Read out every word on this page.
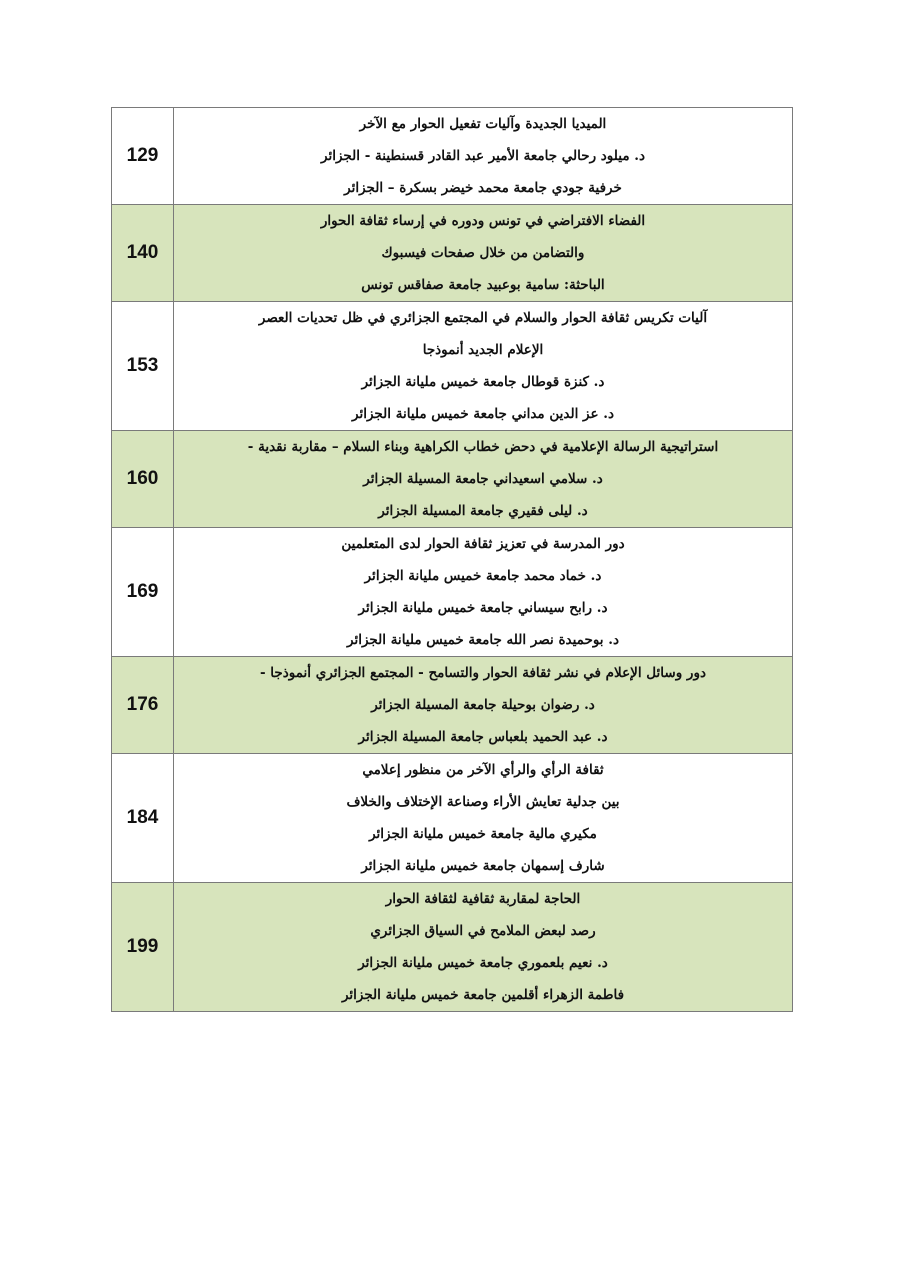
129	الميديا الجديدة وآليات تفعيل الحوار مع الآخر
د. ميلود رحالي جامعة الأمير عبد القادر قسنطينة - الجزائر
خرفية جودي جامعة محمد خيضر بسكرة – الجزائر

140	الفضاء الافتراضي في تونس ودوره في إرساء ثقافة الحوار
والتضامن من خلال صفحات فيسبوك
الباحثة: سامية بوعبيد جامعة صفاقس تونس

153	آليات تكريس ثقافة الحوار والسلام في المجتمع الجزائري في ظل تحديات العصر
الإعلام الجديد أنموذجا
د. كنزة قوطال جامعة خميس مليانة الجزائر
د. عز الدين مداني جامعة خميس مليانة الجزائر

160	استراتيجية الرسالة الإعلامية في دحض خطاب الكراهية وبناء السلام – مقاربة نقدية -
د. سلامي اسعيداني جامعة المسيلة الجزائر
د. ليلى فقيري جامعة المسيلة الجزائر

169	دور المدرسة في تعزيز ثقافة الحوار لدى المتعلمين
د. خماد محمد جامعة خميس مليانة الجزائر
د. رابح سيساني جامعة خميس مليانة الجزائر
د. بوحميدة نصر الله جامعة خميس مليانة الجزائر

176	دور وسائل الإعلام في نشر ثقافة الحوار والتسامح - المجتمع الجزائري أنموذجا -
د. رضوان بوحيلة جامعة المسيلة الجزائر
د. عبد الحميد بلعباس جامعة المسيلة الجزائر

184	ثقافة الرأي والرأي الآخر من منظور إعلامي
بين جدلية تعايش الأراء وصناعة الإختلاف والخلاف
مكيري مالية جامعة خميس مليانة الجزائر
شارف إسمهان جامعة خميس مليانة الجزائر

199	الحاجة لمقاربة ثقافية لثقافة الحوار
رصد لبعض الملامح في السياق الجزائري
د. نعيم بلعموري جامعة خميس مليانة الجزائر
فاطمة الزهراء أقلمين جامعة خميس مليانة الجزائر
